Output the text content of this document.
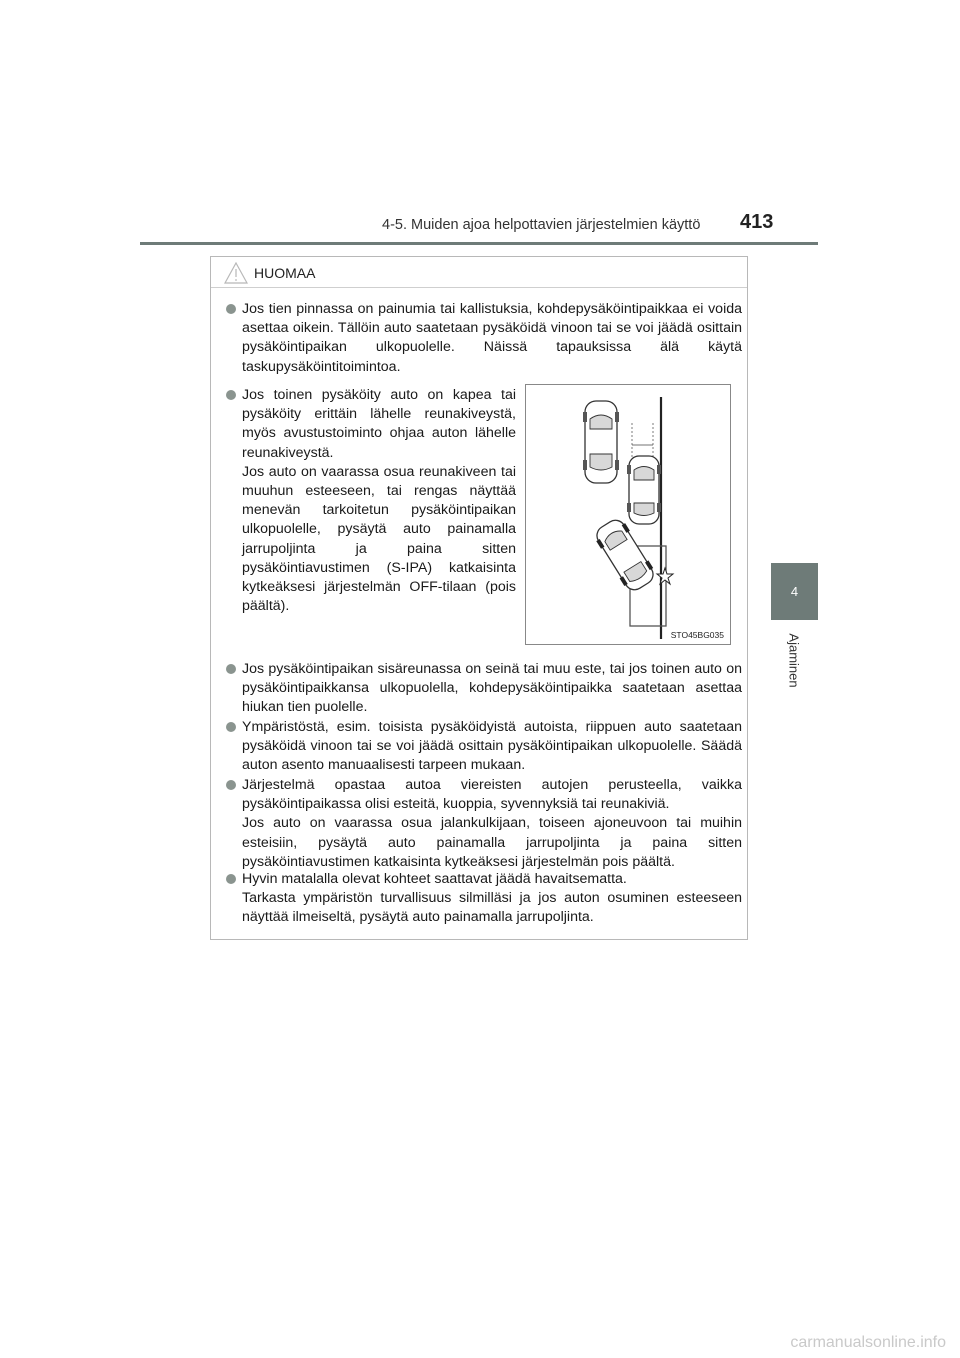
4-5. Muiden ajoa helpottavien järjestelmien käyttö	413
4
Ajaminen
HUOMAA
Jos tien pinnassa on painumia tai kallistuksia, kohdepysäköintipaikkaa ei voida asettaa oikein. Tällöin auto saatetaan pysäköidä vinoon tai se voi jäädä osittain pysäköintipaikan ulkopuolelle. Näissä tapauksissa älä käytä taskupysäköintitoimintoa.
Jos toinen pysäköity auto on kapea tai pysäköity erittäin lähelle reunakiveystä, myös avustustoiminto ohjaa auton lähelle reunakiveystä.
Jos auto on vaarassa osua reunakiveen tai muuhun esteeseen, tai rengas näyttää menevän tarkoitetun pysäköintipaikan ulkopuolelle, pysäytä auto painamalla jarrupoljinta ja paina sitten pysäköintiavustimen (S-IPA) katkaisinta kytkeäksesi järjestelmän OFF-tilaan (pois päältä).
STO45BG035
Jos pysäköintipaikan sisäreunassa on seinä tai muu este, tai jos toinen auto on pysäköintipaikkansa ulkopuolella, kohdepysäköintipaikka saatetaan asettaa hiukan tien puolelle.
Ympäristöstä, esim. toisista pysäköidyistä autoista, riippuen auto saatetaan pysäköidä vinoon tai se voi jäädä osittain pysäköintipaikan ulkopuolelle. Säädä auton asento manuaalisesti tarpeen mukaan.
Järjestelmä opastaa autoa viereisten autojen perusteella, vaikka pysäköintipaikassa olisi esteitä, kuoppia, syvennyksiä tai reunakiviä.
Jos auto on vaarassa osua jalankulkijaan, toiseen ajoneuvoon tai muihin esteisiin, pysäytä auto painamalla jarrupoljinta ja paina sitten pysäköintiavustimen katkaisinta kytkeäksesi järjestelmän pois päältä.
Hyvin matalalla olevat kohteet saattavat jäädä havaitsematta.
Tarkasta ympäristön turvallisuus silmilläsi ja jos auton osuminen esteeseen näyttää ilmeiseltä, pysäytä auto painamalla jarrupoljinta.
carmanualsonline.info
